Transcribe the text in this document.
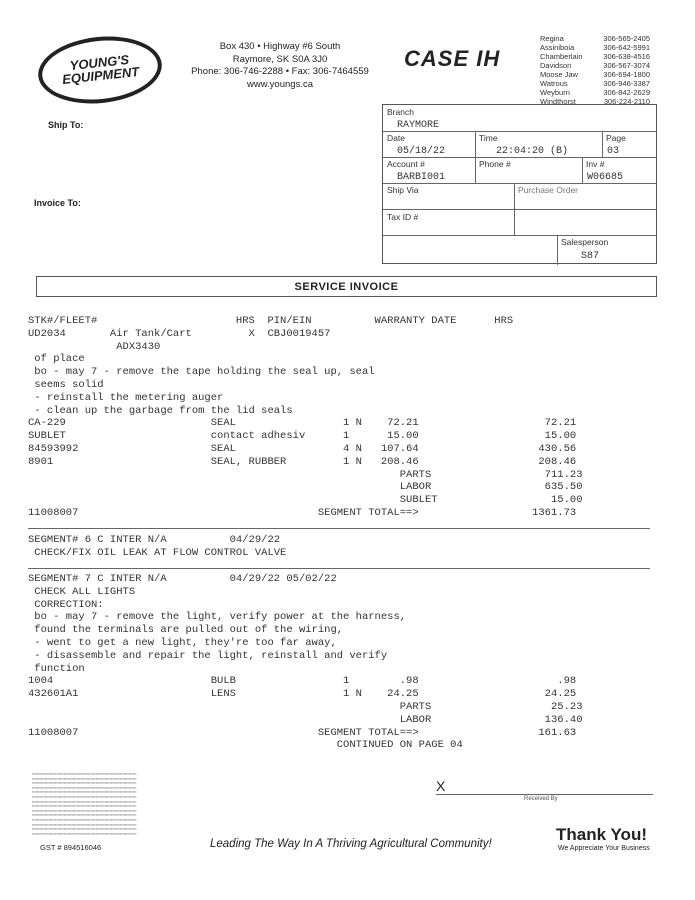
YOUNG'S EQUIPMENT
Box 430 • Highway #6 South
Raymore, SK S0A 3J0
Phone: 306-746-2288 • Fax: 306-7464559
www.youngs.ca
CASE IH
Regina	306-565-2405
Assiniboia	306-642-5991
Chamberlain	306-638-4516
Davidson	306-567-3074
Moose Jaw	306-694-1800
Watrous	306-946-3387
Weyburn	306-842-2629
Windthorst	306-224-2110
Ship To:
Invoice To:
Branch
RAYMORE
Date
05/18/22
Time
22:04:20 (B)
Page
03
Account #
BARBI001
Phone #	Inv #
W06685
Ship Via	Purchase Order
Tax ID #
Salesperson
S87
SERVICE INVOICE
STK#/FLEET#                      HRS  PIN/EIN          WARRANTY DATE      HRS
UD2034       Air Tank/Cart         X  CBJ0019457
ADX3430
of place
bo - may 7 - remove the tape holding the seal up, seal
seems solid
- reinstall the metering auger
- clean up the garbage from the lid seals
CA-229                       SEAL                 1 N    72.21                    72.21
SUBLET                       contact adhesiv      1      15.00                    15.00
84593992                     SEAL                 4 N   107.64                   430.56
8901                         SEAL, RUBBER         1 N   208.46                   208.46
PARTS                  711.23
LABOR                  635.50
SUBLET                  15.00
11008007                                      SEGMENT TOTAL==>                  1361.73
SEGMENT# 6 C INTER N/A          04/29/22
CHECK/FIX OIL LEAK AT FLOW CONTROL VALVE
SEGMENT# 7 C INTER N/A          04/29/22 05/02/22
CHECK ALL LIGHTS
CORRECTION:
bo - may 7 - remove the light, verify power at the harness,
found the terminals are pulled out of the wiring,
- went to get a new light, they're too far away,
- disassemble and repair the light, reinstall and verify
function
1004                         BULB                 1        .98                      .98
432601A1                     LENS                 1 N    24.25                    24.25
PARTS                   25.23
LABOR                  136.40
11008007                                      SEGMENT TOTAL==>                   161.63
CONTINUED ON PAGE 04
▪▪▪▪▪▪▪▪▪▪▪▪▪▪▪▪▪▪▪▪▪▪▪▪▪▪▪▪▪▪▪▪▪▪▪▪▪▪▪▪▪▪▪▪▪▪▪▪▪▪▪▪▪▪▪▪▪▪▪▪▪▪▪▪▪▪▪▪▪▪▪▪▪▪▪▪▪▪▪▪▪▪
▪▪▪▪▪▪▪▪▪▪▪▪▪▪▪▪▪▪▪▪▪▪▪▪▪▪▪▪▪▪▪▪▪▪▪▪▪▪▪▪▪▪▪▪▪▪▪▪▪▪▪▪▪▪▪▪▪▪▪▪▪▪▪▪▪▪▪▪▪▪▪▪▪▪▪▪▪▪▪▪▪▪
▪▪▪▪▪▪▪▪▪▪▪▪▪▪▪▪▪▪▪▪▪▪▪▪▪▪▪▪▪▪▪▪▪▪▪▪▪▪▪▪▪▪▪▪▪▪▪▪▪▪▪▪▪▪▪▪▪▪▪▪▪▪▪▪▪▪▪▪▪▪▪▪▪▪▪▪▪▪▪▪▪▪
▪▪▪▪▪▪▪▪▪▪▪▪▪▪▪▪▪▪▪▪▪▪▪▪▪▪▪▪▪▪▪▪▪▪▪▪▪▪▪▪▪▪▪▪▪▪▪▪▪▪▪▪▪▪▪▪▪▪▪▪▪▪▪▪▪▪▪▪▪▪▪▪▪▪▪▪▪▪▪▪▪▪
▪▪▪▪▪▪▪▪▪▪▪▪▪▪▪▪▪▪▪▪▪▪▪▪▪▪▪▪▪▪▪▪▪▪▪▪▪▪▪▪▪▪▪▪▪▪▪▪▪▪▪▪▪▪▪▪▪▪▪▪▪▪▪▪▪▪▪▪▪▪▪▪▪▪▪▪▪▪▪▪▪▪
▪▪▪▪▪▪▪▪▪▪▪▪▪▪▪▪▪▪▪▪▪▪▪▪▪▪▪▪▪▪▪▪▪▪▪▪▪▪▪▪▪▪▪▪▪▪▪▪▪▪▪▪▪▪▪▪▪▪▪▪▪▪▪▪▪▪▪▪▪▪▪▪▪▪▪▪▪▪▪▪▪▪
▪▪▪▪▪▪▪▪▪▪▪▪▪▪▪▪▪▪▪▪▪▪▪▪▪▪▪▪▪▪▪▪▪▪▪▪▪▪▪▪▪▪▪▪▪▪▪▪▪▪▪▪▪▪▪▪▪▪▪▪▪▪▪▪▪▪▪▪▪▪▪▪▪▪▪▪▪▪▪▪▪▪
▪▪▪▪▪▪▪▪▪▪▪▪▪▪▪▪▪▪▪▪▪▪▪▪▪▪▪▪▪▪▪▪▪▪▪▪▪▪▪▪▪▪▪▪▪▪▪▪▪▪▪▪▪▪▪▪▪▪▪▪▪▪▪▪▪▪▪▪▪▪▪▪▪▪▪▪▪▪▪▪▪▪
▪▪▪▪▪▪▪▪▪▪▪▪▪▪▪▪▪▪▪▪▪▪▪▪▪▪▪▪▪▪▪▪▪▪▪▪▪▪▪▪▪▪▪▪▪▪▪▪▪▪▪▪▪▪▪▪▪▪▪▪▪▪▪▪▪▪▪▪▪▪▪▪▪▪▪▪▪▪▪▪▪▪
▪▪▪▪▪▪▪▪▪▪▪▪▪▪▪▪▪▪▪▪▪▪▪▪▪▪▪▪▪▪▪▪▪▪▪▪▪▪▪▪▪▪▪▪▪▪▪▪▪▪▪▪▪▪▪▪▪▪▪▪▪▪▪▪▪▪▪▪▪▪▪▪▪▪▪▪▪▪▪▪▪▪
▪▪▪▪▪▪▪▪▪▪▪▪▪▪▪▪▪▪▪▪▪▪▪▪▪▪▪▪▪▪▪▪▪▪▪▪▪▪▪▪▪▪▪▪▪▪▪▪▪▪▪▪▪▪▪▪▪▪▪▪▪▪▪▪▪▪▪▪▪▪▪▪▪▪▪▪▪▪▪▪▪▪
▪▪▪▪▪▪▪▪▪▪▪▪▪▪▪▪▪▪▪▪▪▪▪▪▪▪▪▪▪▪▪▪▪▪▪▪▪▪▪▪▪▪▪▪▪▪▪▪▪▪▪▪▪▪▪▪▪▪▪▪▪▪▪▪▪▪▪▪▪▪▪▪▪▪▪▪▪▪▪▪▪▪
▪▪▪▪▪▪▪▪▪▪▪▪▪▪▪▪▪▪▪▪▪▪▪▪▪▪▪▪▪▪▪▪▪▪▪▪▪▪▪▪▪▪▪▪▪▪▪▪▪▪▪▪▪▪▪▪▪▪▪▪▪▪▪▪▪▪▪▪▪▪▪▪▪▪▪▪▪▪▪▪▪▪
▪▪▪▪▪▪▪▪▪▪▪▪▪▪▪▪▪▪▪▪▪▪▪▪▪▪▪▪▪▪▪▪▪▪▪▪▪▪▪▪▪▪▪▪▪▪▪▪▪▪▪▪▪▪▪▪▪▪▪▪▪▪▪▪▪▪▪▪▪▪▪▪▪▪▪▪▪▪▪▪▪▪
X
Received By
Thank You!
We Appreciate Your Business
GST # 894516046	Leading The Way In A Thriving Agricultural Community!
